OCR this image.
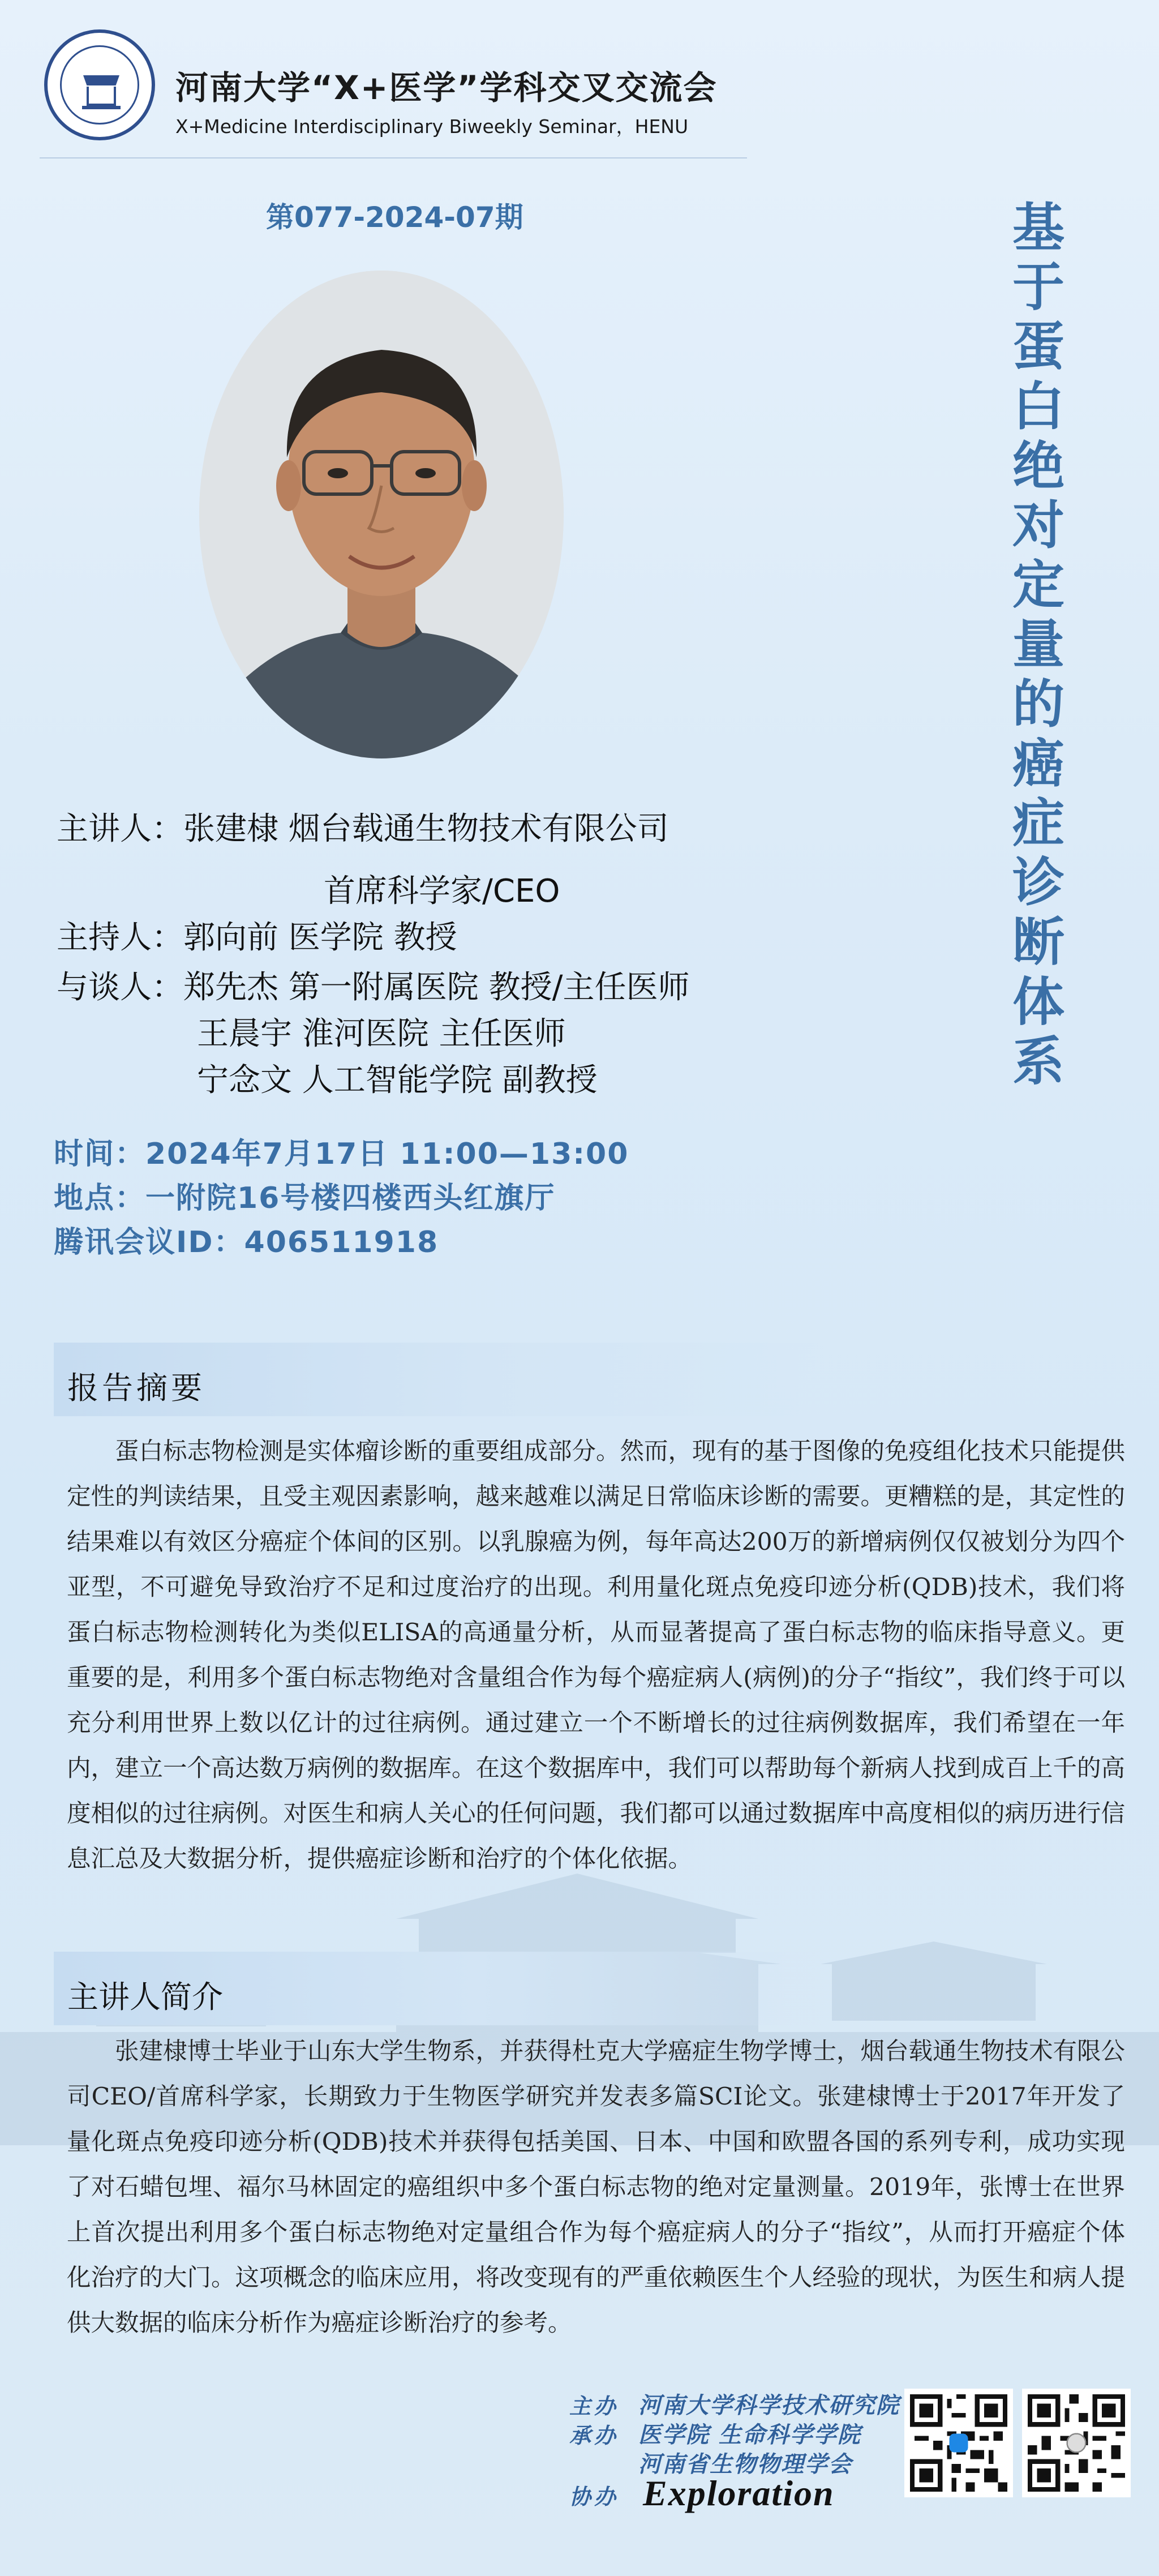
河南大学“X+医学”学科交叉交流会
X+Medicine Interdisciplinary Biweekly Seminar，HENU
第077-2024-07期	基
于
蛋
白
绝
对
定
量
的
癌
症
诊
断
体
系
主讲人：张建棣 烟台载通生物技术有限公司
首席科学家/CEO
主持人：郭向前 医学院 教授
与谈人：郑先杰 第一附属医院 教授/主任医师
王晨宇 淮河医院 主任医师
宁念文 人工智能学院 副教授
时间：2024年7月17日 11:00—13:00
地点：一附院16号楼四楼西头红旗厅
腾讯会议ID：406511918
报告摘要

蛋白标志物检测是实体瘤诊断的重要组成部分。然而，现有的基于图像的免疫组化技术只能提供定性的判读结果，且受主观因素影响，越来越难以满足日常临床诊断的需要。更糟糕的是，其定性的结果难以有效区分癌症个体间的区别。以乳腺癌为例，每年高达200万的新增病例仅仅被划分为四个亚型，不可避免导致治疗不足和过度治疗的出现。利用量化斑点免疫印迹分析(QDB)技术，我们将蛋白标志物检测转化为类似ELISA的高通量分析，从而显著提高了蛋白标志物的临床指导意义。更重要的是，利用多个蛋白标志物绝对含量组合作为每个癌症病人(病例)的分子“指纹”，我们终于可以充分利用世界上数以亿计的过往病例。通过建立一个不断增长的过往病例数据库，我们希望在一年内，建立一个高达数万病例的数据库。在这个数据库中，我们可以帮助每个新病人找到成百上千的高度相似的过往病例。对医生和病人关心的任何问题，我们都可以通过数据库中高度相似的病历进行信息汇总及大数据分析，提供癌症诊断和治疗的个体化依据。

主讲人简介

张建棣博士毕业于山东大学生物系，并获得杜克大学癌症生物学博士，烟台载通生物技术有限公司CEO/首席科学家，长期致力于生物医学研究并发表多篇SCI论文。张建棣博士于2017年开发了量化斑点免疫印迹分析(QDB)技术并获得包括美国、日本、中国和欧盟各国的系列专利，成功实现了对石蜡包埋、福尔马林固定的癌组织中多个蛋白标志物的绝对定量测量。2019年，张博士在世界上首次提出利用多个蛋白标志物绝对定量组合作为每个癌症病人的分子“指纹”，从而打开癌症个体化治疗的大门。这项概念的临床应用，将改变现有的严重依赖医生个人经验的现状，为医生和病人提供大数据的临床分析作为癌症诊断治疗的参考。

主办
承办
协办
河南大学科学技术研究院
医学院 生命科学学院
河南省生物物理学会
Exploration
